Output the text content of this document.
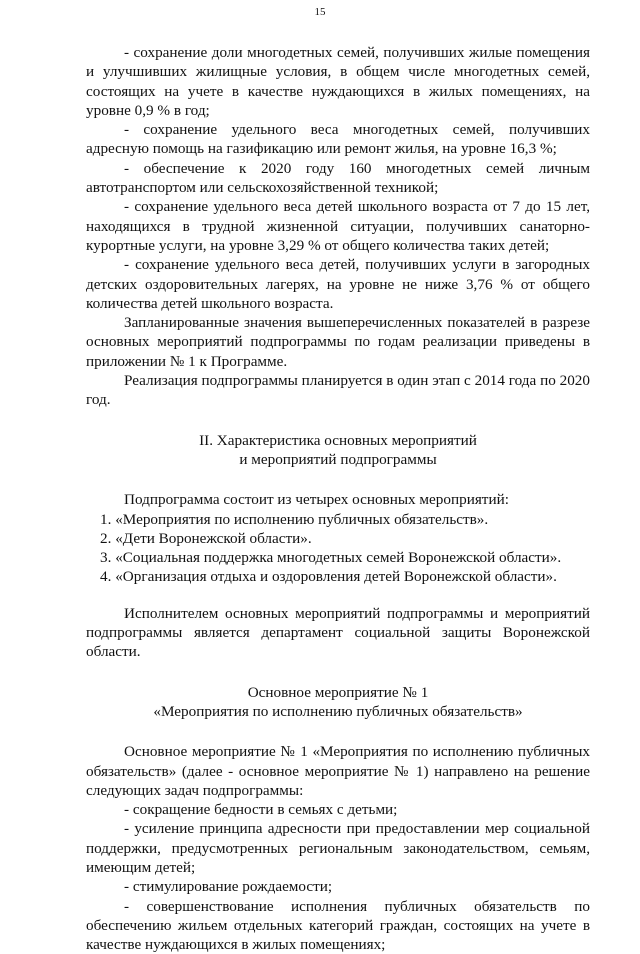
15

- сохранение доли многодетных семей, получивших жилые помещения и улучшивших жилищные условия, в общем числе многодетных семей, состоящих на учете в качестве нуждающихся в жилых помещениях, на уровне 0,9 % в год;

- сохранение удельного веса многодетных семей, получивших адресную помощь на газификацию или ремонт жилья, на уровне 16,3 %;

- обеспечение к 2020 году 160 многодетных семей личным автотранспортом или сельскохозяйственной техникой;

- сохранение удельного веса детей школьного возраста от 7 до 15 лет, находящихся в трудной жизненной ситуации, получивших санаторно-курортные услуги, на уровне 3,29 % от общего количества таких детей;

- сохранение удельного веса детей, получивших услуги в загородных детских оздоровительных лагерях, на уровне не ниже 3,76 % от общего количества детей школьного возраста.

Запланированные значения вышеперечисленных показателей в разрезе основных мероприятий подпрограммы по годам реализации приведены в приложении № 1 к Программе.

Реализация подпрограммы планируется в один этап с 2014 года по 2020 год.

II. Характеристика основных мероприятий

и мероприятий подпрограммы

Подпрограмма состоит из четырех основных мероприятий:

1. «Мероприятия по исполнению публичных обязательств».

2. «Дети Воронежской области».

3. «Социальная поддержка многодетных семей Воронежской области».

4. «Организация отдыха и оздоровления детей Воронежской области».

Исполнителем основных мероприятий подпрограммы и мероприятий подпрограммы является департамент социальной защиты Воронежской области.

Основное мероприятие № 1

«Мероприятия по исполнению публичных обязательств»

Основное мероприятие № 1 «Мероприятия по исполнению публичных обязательств» (далее - основное мероприятие № 1) направлено на решение следующих задач подпрограммы:

- сокращение бедности в семьях с детьми;

- усиление принципа адресности при предоставлении мер социальной поддержки, предусмотренных региональным законодательством, семьям, имеющим детей;

- стимулирование рождаемости;

- совершенствование исполнения публичных обязательств по обеспечению жильем отдельных категорий граждан, состоящих на учете в качестве нуждающихся в жилых помещениях;
